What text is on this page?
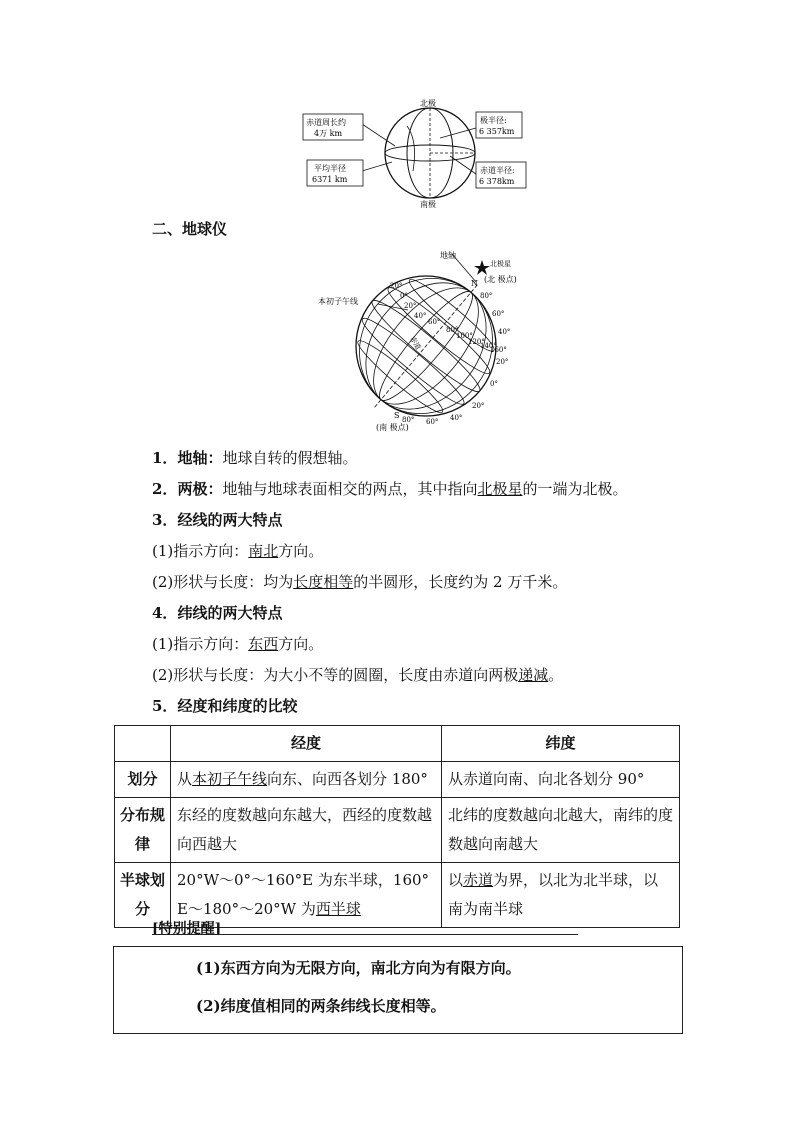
北极
南极
赤道周长约
4万 km
平均半径
6371 km
极半径:
6 357km
赤道半径:
6 378km
二、地球仪
地轴
北极星
N (北 极点)
S
(南 极点)
本初子午线
赤道
20°
0°
20°
40°
60°
80°
100°
120°
140°
160°
80°
60°
40°
20°
0°
20°
40°
60°
80°
1．地轴：地球自转的假想轴。
2．两极：地轴与地球表面相交的两点，其中指向北极星的一端为北极。
3．经线的两大特点
(1)指示方向：南北方向。
(2)形状与长度：均为长度相等的半圆形，长度约为 2 万千米。
4．纬线的两大特点
(1)指示方向：东西方向。
(2)形状与长度：为大小不等的圆圈，长度由赤道向两极递减。
5．经度和纬度的比较
	经度	纬度
划分	从本初子午线向东、向西各划分 180°	从赤道向南、向北各划分 90°
分布规律	东经的度数越向东越大，西经的度数越向西越大	北纬的度数越向北越大，南纬的度数越向南越大
半球划分	20°W～0°～160°E 为东半球，160° E～180°～20°W 为西半球	以赤道为界，以北为北半球，以南为南半球
[特别提醒]
(1)东西方向为无限方向，南北方向为有限方向。
(2)纬度值相同的两条纬线长度相等。
